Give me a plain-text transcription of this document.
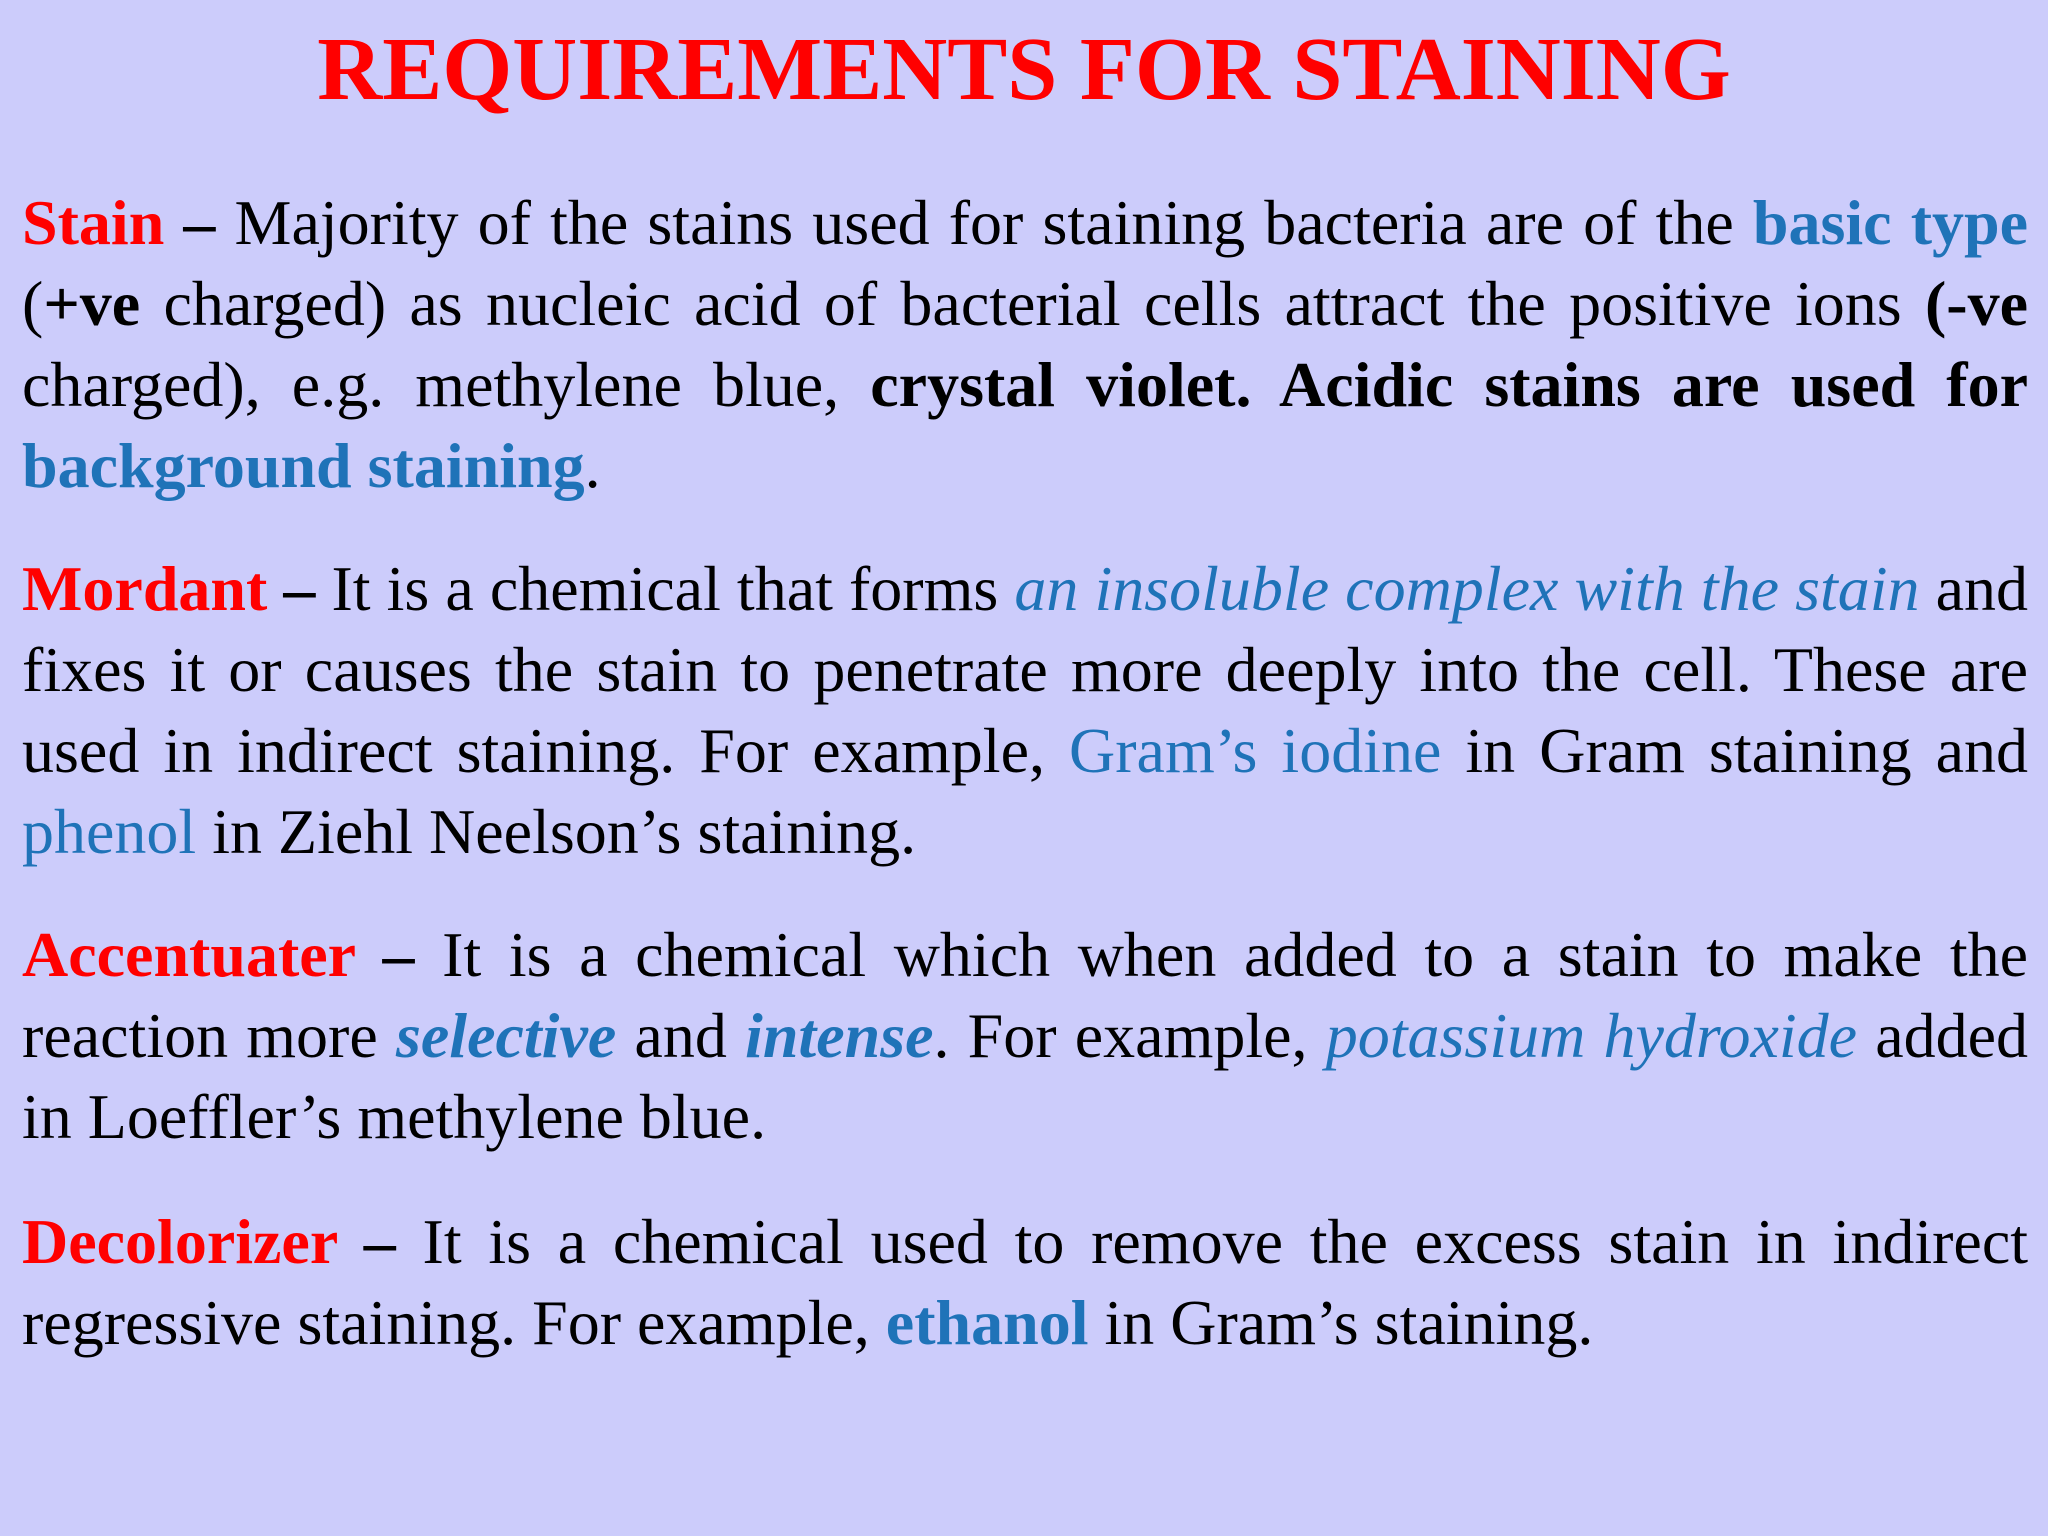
REQUIREMENTS FOR STAINING

Stain – Majority of the stains used for staining bacteria are of the basic type (+ve charged) as nucleic acid of bacterial cells attract the positive ions (-ve charged), e.g. methylene blue, crystal violet. Acidic stains are used for background staining.

Mordant – It is a chemical that forms an insoluble complex with the stain and fixes it or causes the stain to penetrate more deeply into the cell. These are used in indirect staining. For example, Gram’s iodine in Gram staining and phenol in Ziehl Neelson’s staining.

Accentuater – It is a chemical which when added to a stain to make the reaction more selective and intense. For example, potassium hydroxide added in Loeffler’s methylene blue.

Decolorizer – It is a chemical used to remove the excess stain in indirect regressive staining. For example, ethanol in Gram’s staining.
